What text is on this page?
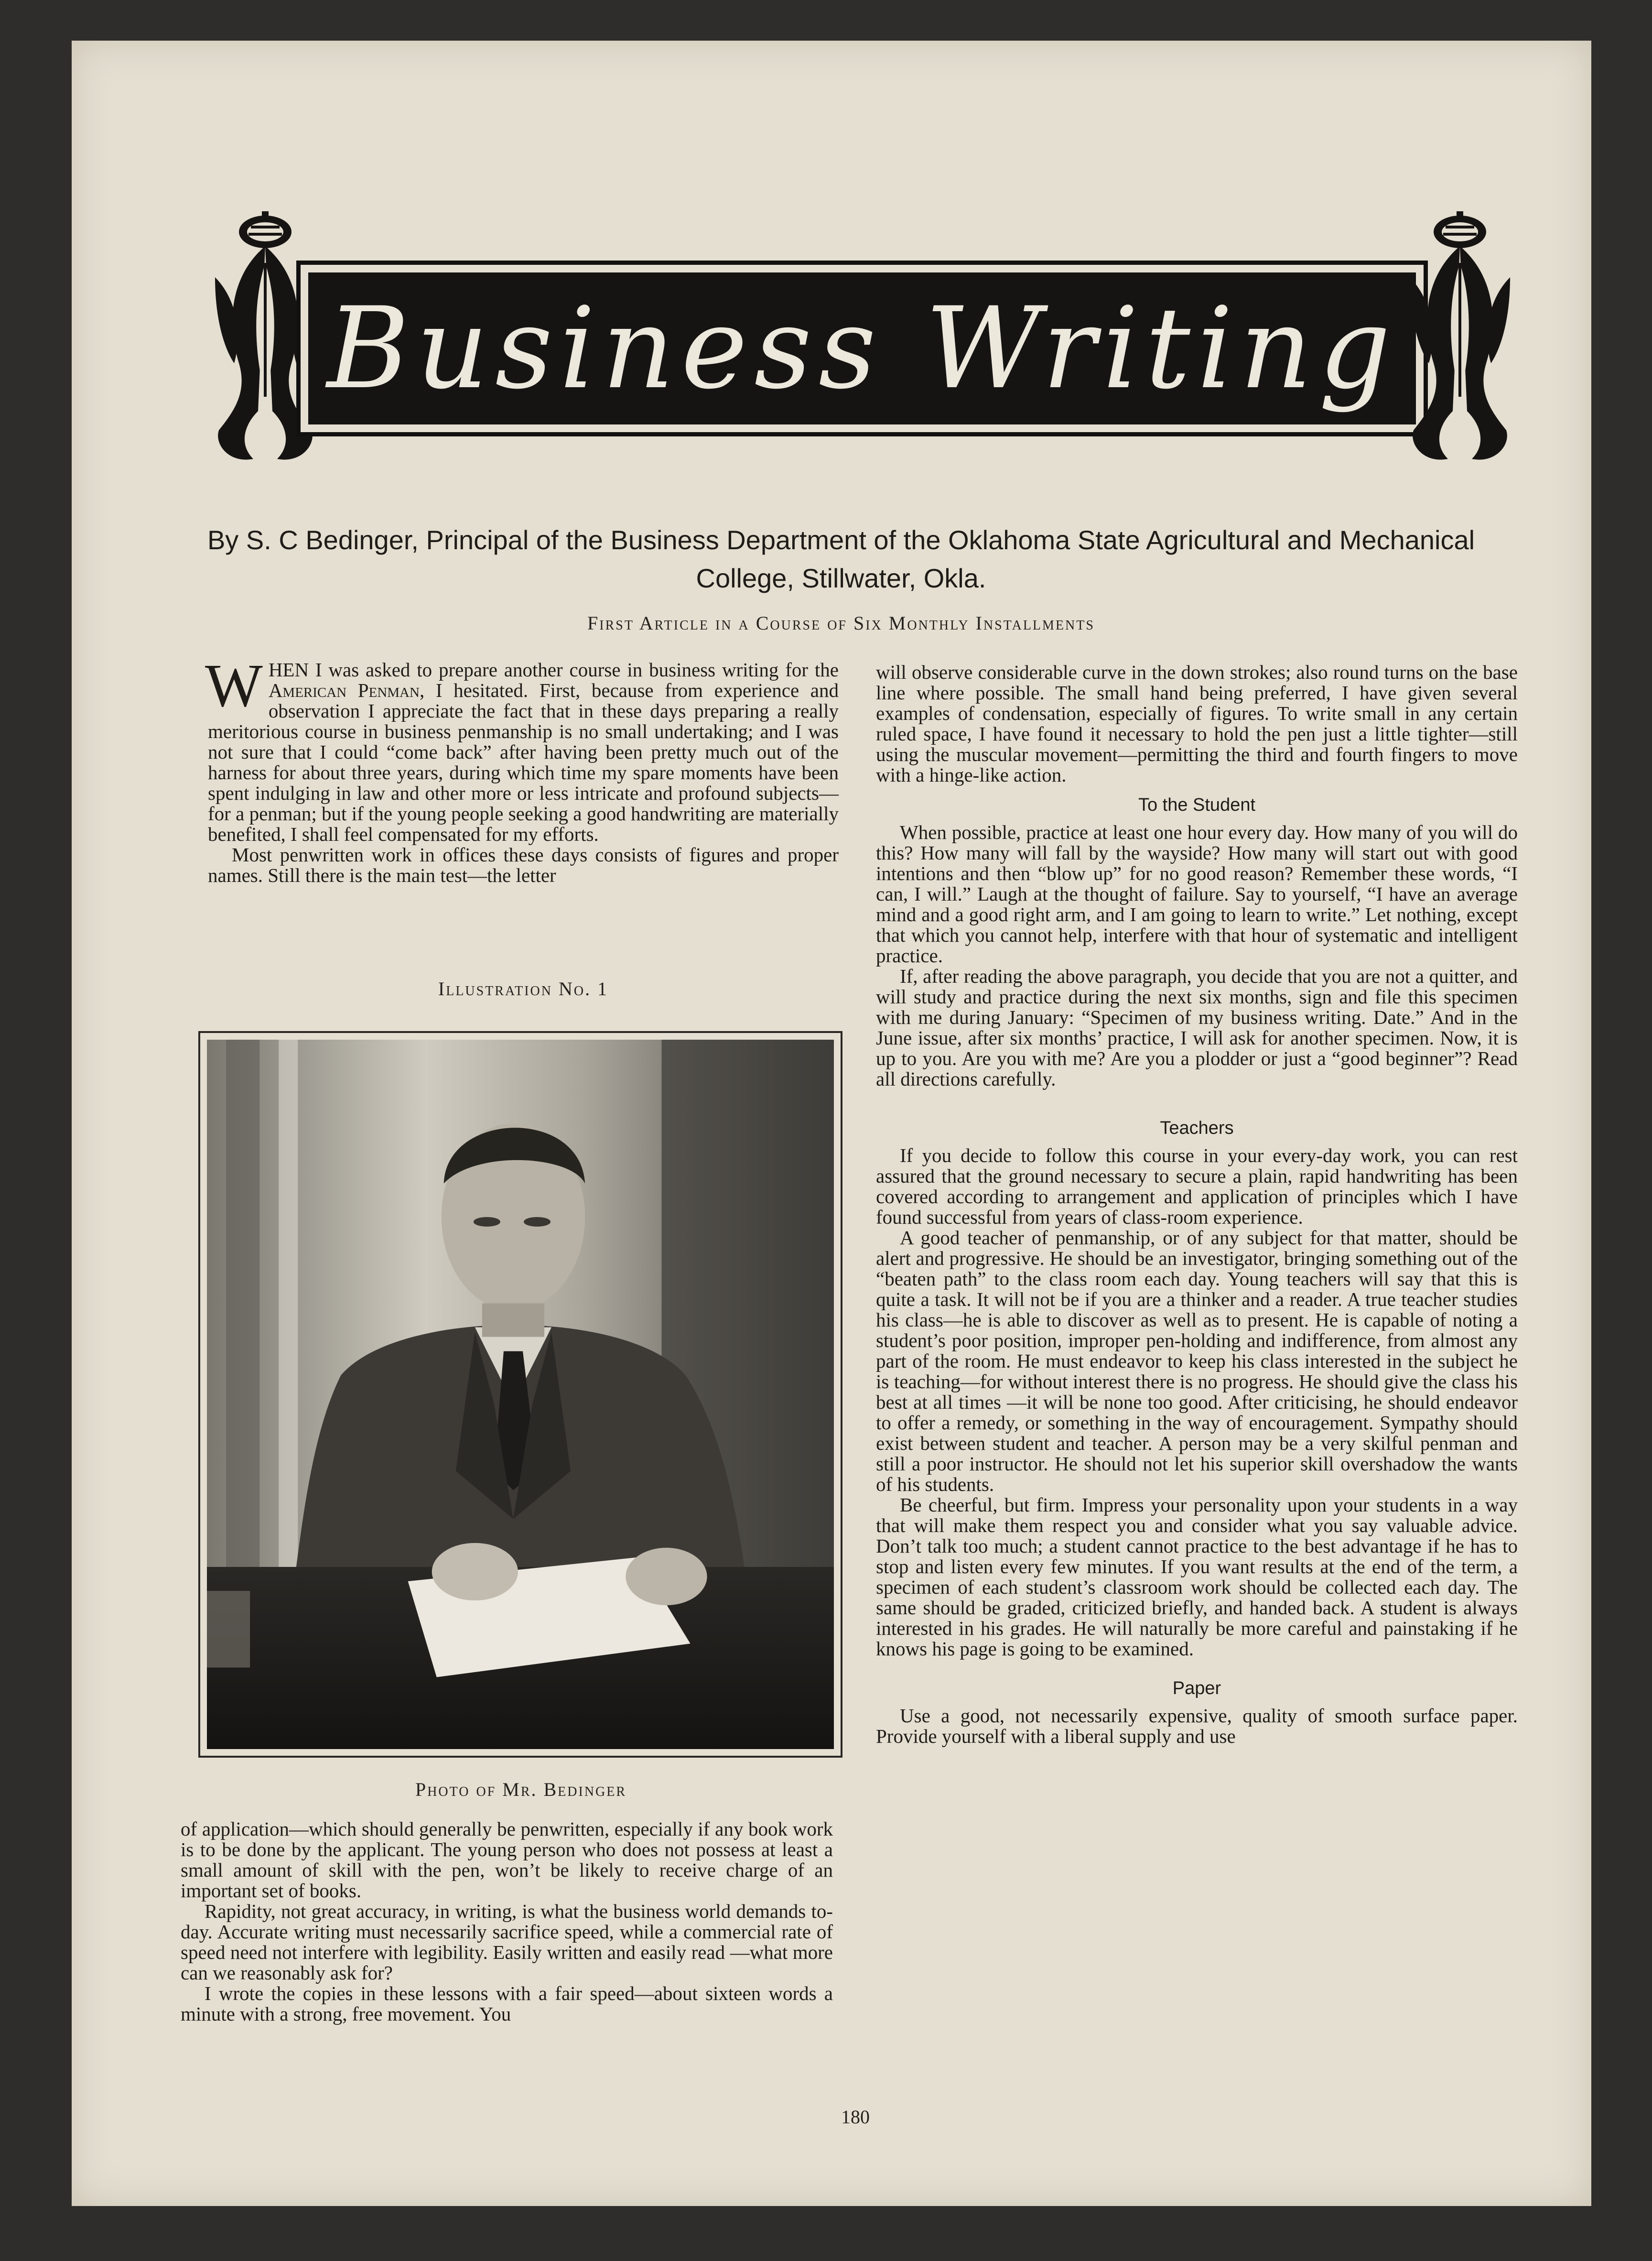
Business Writing
By S. C Bedinger, Principal of the Business Department of the Oklahoma State Agricultural and Mechanical
College, Stillwater, Okla.
First Article in a Course of Six Monthly Installments

WHEN I was asked to prepare another course in business writing for the American Penman, I hesitated. First, because from experience and observation I appreciate the fact that in these days preparing a really meritorious course in business penmanship is no small undertaking; and I was not sure that I could “come back” after having been pretty much out of the harness for about three years, during which time my spare moments have been spent indulging in law and other more or less intricate and profound subjects—for a penman; but if the young people seeking a good handwriting are materially benefited, I shall feel compensated for my efforts.

Most penwritten work in offices these days consists of figures and proper names. Still there is the main test—the letter

Illustration No. 1
Photo of Mr. Bedinger

of application—which should generally be penwritten, especially if any book work is to be done by the applicant. The young person who does not possess at least a small amount of skill with the pen, won’t be likely to receive charge of an important set of books.

Rapidity, not great accuracy, in writing, is what the business world demands to-day. Accurate writing must necessarily sacrifice speed, while a commercial rate of speed need not interfere with legibility. Easily written and easily read —what more can we reasonably ask for?

I wrote the copies in these lessons with a fair speed—about sixteen words a minute with a strong, free movement. You

will observe considerable curve in the down strokes; also round turns on the base line where possible. The small hand being preferred, I have given several examples of condensation, especially of figures. To write small in any certain ruled space, I have found it necessary to hold the pen just a little tighter—still using the muscular movement—permitting the third and fourth fingers to move with a hinge-like action.

To the Student

When possible, practice at least one hour every day. How many of you will do this? How many will fall by the wayside? How many will start out with good intentions and then “blow up” for no good reason? Remember these words, “I can, I will.” Laugh at the thought of failure. Say to yourself, “I have an average mind and a good right arm, and I am going to learn to write.” Let nothing, except that which you cannot help, interfere with that hour of systematic and intelligent practice.

If, after reading the above paragraph, you decide that you are not a quitter, and will study and practice during the next six months, sign and file this specimen with me during January: “Specimen of my business writing. Date.” And in the June issue, after six months’ practice, I will ask for another specimen. Now, it is up to you. Are you with me? Are you a plodder or just a “good beginner”? Read all directions carefully.

Teachers

If you decide to follow this course in your every-day work, you can rest assured that the ground necessary to secure a plain, rapid handwriting has been covered according to arrangement and application of principles which I have found successful from years of class-room experience.

A good teacher of penmanship, or of any subject for that matter, should be alert and progressive. He should be an investigator, bringing something out of the “beaten path” to the class room each day. Young teachers will say that this is quite a task. It will not be if you are a thinker and a reader. A true teacher studies his class—he is able to discover as well as to present. He is capable of noting a student’s poor position, improper pen-holding and indifference, from almost any part of the room. He must endeavor to keep his class interested in the subject he is teaching—for without interest there is no progress. He should give the class his best at all times —it will be none too good. After criticising, he should endeavor to offer a remedy, or something in the way of encouragement. Sympathy should exist between student and teacher. A person may be a very skilful penman and still a poor instructor. He should not let his superior skill overshadow the wants of his students.

Be cheerful, but firm. Impress your personality upon your students in a way that will make them respect you and consider what you say valuable advice. Don’t talk too much; a student cannot practice to the best advantage if he has to stop and listen every few minutes. If you want results at the end of the term, a specimen of each student’s classroom work should be collected each day. The same should be graded, criticized briefly, and handed back. A student is always interested in his grades. He will naturally be more careful and painstaking if he knows his page is going to be examined.

Paper

Use a good, not necessarily expensive, quality of smooth surface paper. Provide yourself with a liberal supply and use

180
